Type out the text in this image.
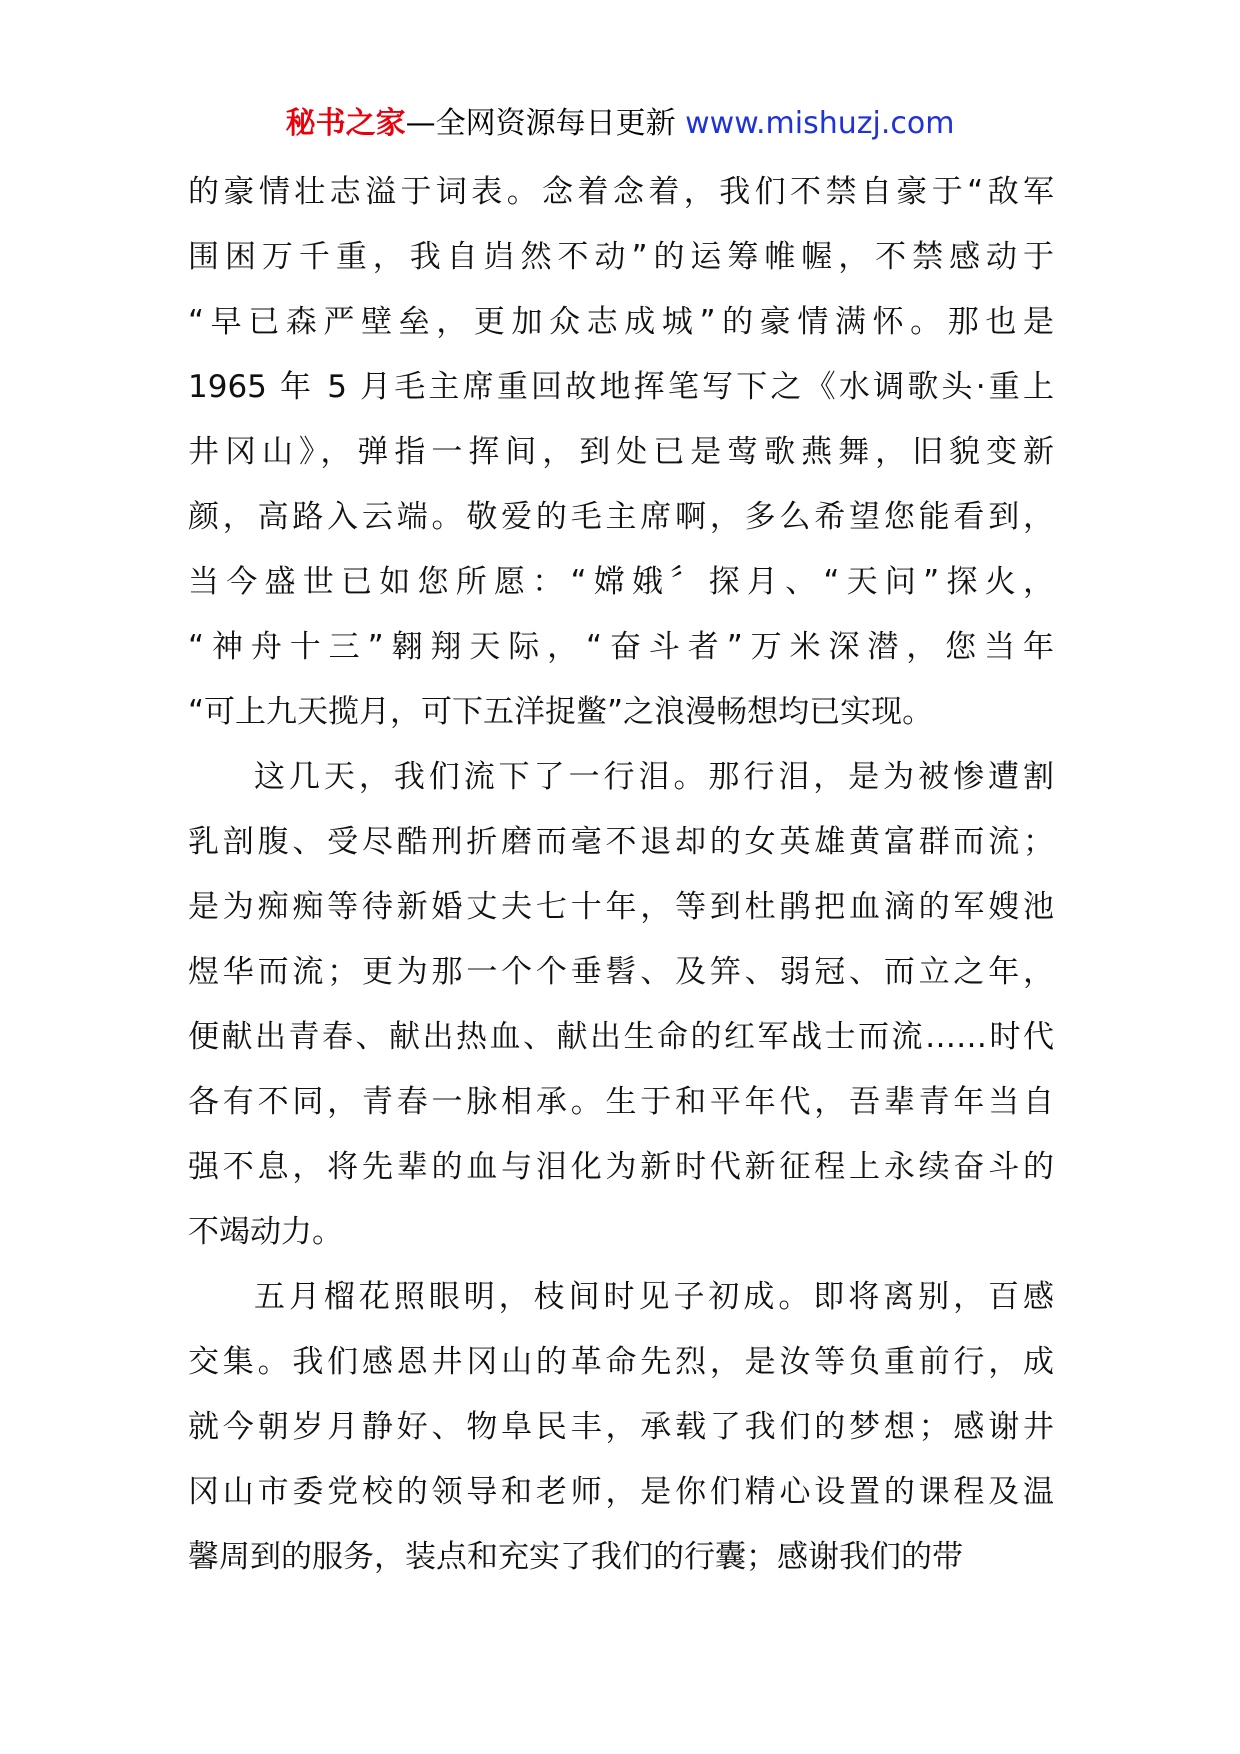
秘书之家—全网资源每日更新 www.mishuzj.com
的豪情壮志溢于词表。念着念着，我们不禁自豪于“敌军
围困万千重，我自岿然不动”的运筹帷幄，不禁感动于
“早已森严壁垒，更加众志成城”的豪情满怀。那也是
1965 年 5 月毛主席重回故地挥笔写下之《水调歌头·重上
井冈山》，弹指一挥间，到处已是莺歌燕舞，旧貌变新
颜，高路入云端。敬爱的毛主席啊，多么希望您能看到，
当今盛世已如您所愿：“嫦娥〞探月、“天问”探火，
“神舟十三”翱翔天际，“奋斗者”万米深潜，您当年
“可上九天揽月，可下五洋捉鳖”之浪漫畅想均已实现。
这几天，我们流下了一行泪。那行泪，是为被惨遭割
乳剖腹、受尽酷刑折磨而毫不退却的女英雄黄富群而流；
是为痴痴等待新婚丈夫七十年，等到杜鹃把血滴的军嫂池
煜华而流；更为那一个个垂髫、及笄、弱冠、而立之年，
便献出青春、献出热血、献出生命的红军战士而流……时代
各有不同，青春一脉相承。生于和平年代，吾辈青年当自
强不息，将先辈的血与泪化为新时代新征程上永续奋斗的
不竭动力。
五月榴花照眼明，枝间时见子初成。即将离别，百感
交集。我们感恩井冈山的革命先烈，是汝等负重前行，成
就今朝岁月静好、物阜民丰，承载了我们的梦想；感谢井
冈山市委党校的领导和老师，是你们精心设置的课程及温
馨周到的服务，装点和充实了我们的行囊；感谢我们的带
